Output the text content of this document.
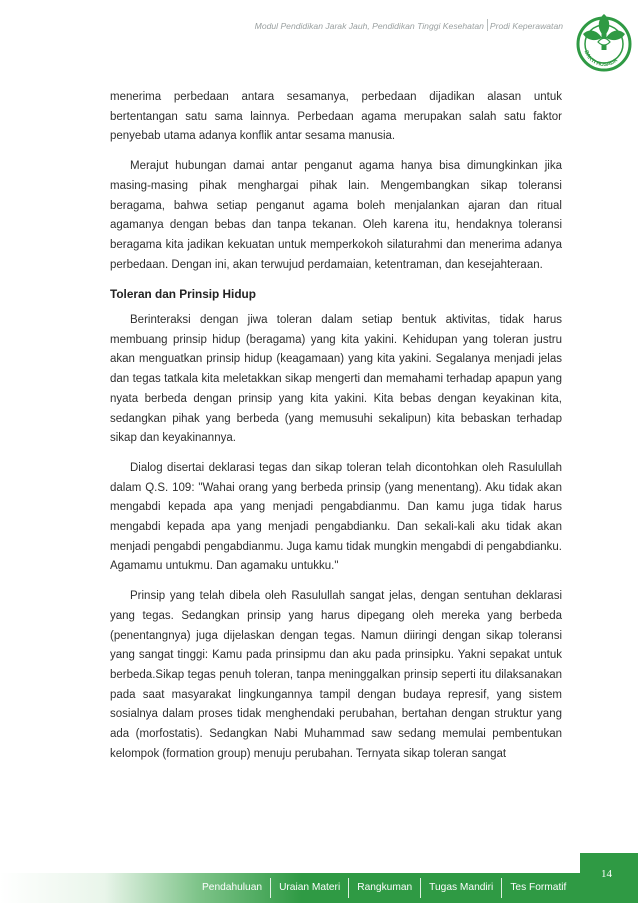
Modul Pendidikan Jarak Jauh, Pendidikan Tinggi Kesehatan Prodi Keperawatan
BAKTI HUSADA

menerima perbedaan antara sesamanya, perbedaan dijadikan alasan untuk bertentangan satu sama lainnya. Perbedaan agama merupakan salah satu faktor penyebab utama adanya konflik antar sesama manusia.

Merajut hubungan damai antar penganut agama hanya bisa dimungkinkan jika masing-masing pihak menghargai pihak lain. Mengembangkan sikap toleransi beragama, bahwa setiap penganut agama boleh menjalankan ajaran dan ritual agamanya dengan bebas dan tanpa tekanan. Oleh karena itu, hendaknya toleransi beragama kita jadikan kekuatan untuk memperkokoh silaturahmi dan menerima adanya perbedaan. Dengan ini, akan terwujud perdamaian, ketentraman, dan kesejahteraan.

Toleran dan Prinsip Hidup

Berinteraksi dengan jiwa toleran dalam setiap bentuk aktivitas, tidak harus membuang prinsip hidup (beragama) yang kita yakini. Kehidupan yang toleran justru akan menguatkan prinsip hidup (keagamaan) yang kita yakini. Segalanya menjadi jelas dan tegas tatkala kita meletakkan sikap mengerti dan memahami terhadap apapun yang nyata berbeda dengan prinsip yang kita yakini. Kita bebas dengan keyakinan kita, sedangkan pihak yang berbeda (yang memusuhi sekalipun) kita bebaskan terhadap sikap dan keyakinannya.

Dialog disertai deklarasi tegas dan sikap toleran telah dicontohkan oleh Rasulullah dalam Q.S. 109: "Wahai orang yang berbeda prinsip (yang menentang). Aku tidak akan mengabdi kepada apa yang menjadi pengabdianmu. Dan kamu juga tidak harus mengabdi kepada apa yang menjadi pengabdianku. Dan sekali-kali aku tidak akan menjadi pengabdi pengabdianmu. Juga kamu tidak mungkin mengabdi di pengabdianku. Agamamu untukmu. Dan agamaku untukku."

Prinsip yang telah dibela oleh Rasulullah sangat jelas, dengan sentuhan deklarasi yang tegas. Sedangkan prinsip yang harus dipegang oleh mereka yang berbeda (penentangnya) juga dijelaskan dengan tegas. Namun diiringi dengan sikap toleransi yang sangat tinggi: Kamu pada prinsipmu dan aku pada prinsipku. Yakni sepakat untuk berbeda.Sikap tegas penuh toleran, tanpa meninggalkan prinsip seperti itu dilaksanakan pada saat masyarakat lingkungannya tampil dengan budaya represif, yang sistem sosialnya dalam proses tidak menghendaki perubahan, bertahan dengan struktur yang ada (morfostatis). Sedangkan Nabi Muhammad saw sedang memulai pembentukan kelompok (formation group) menuju perubahan. Ternyata sikap toleran sangat

Pendahuluan	Uraian Materi	Rangkuman	Tugas Mandiri	Tes Formatif
14
